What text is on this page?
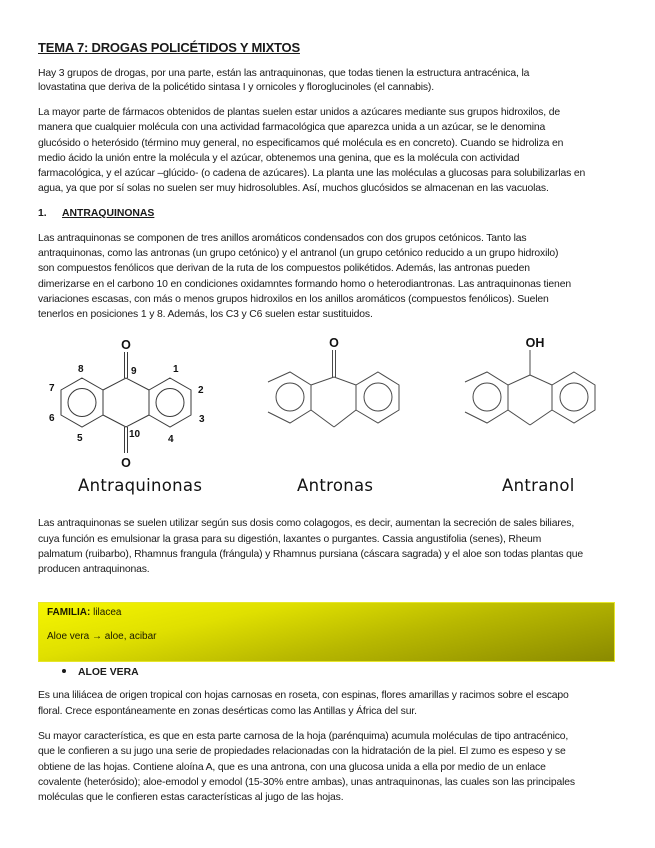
TEMA 7: DROGAS POLICÉTIDOS Y MIXTOS
Hay 3 grupos de drogas, por una parte, están las antraquinonas, que todas tienen la estructura antracénica, la
lovastatina que deriva de la policétido sintasa I y ornicoles y floroglucinoles (el cannabis).
La mayor parte de fármacos obtenidos de plantas suelen estar unidos a azúcares mediante sus grupos hidroxilos, de
manera que cualquier molécula con una actividad farmacológica que aparezca unida a un azúcar, se le denomina
glucósido o heterósido (término muy general, no especificamos qué molécula es en concreto). Cuando se hidroliza en
medio ácido la unión entre la molécula y el azúcar, obtenemos una genina, que es la molécula con actividad
farmacológica, y el azúcar –glúcido- (o cadena de azúcares). La planta une las moléculas a glucosas para solubilizarlas en
agua, ya que por sí solas no suelen ser muy hidrosolubles. Así, muchos glucósidos se almacenan en las vacuolas.
1. ANTRAQUINONAS
Las antraquinonas se componen de tres anillos aromáticos condensados con dos grupos cetónicos. Tanto las
antraquinonas, como las antronas (un grupo cetónico) y el antranol (un grupo cetónico reducido a un grupo hidroxilo)
son compuestos fenólicos que derivan de la ruta de los compuestos polikétidos. Además, las antronas pueden
dimerizarse en el carbono 10 en condiciones oxidamntes formando homo o heterodiantronas. Las antraquinonas tienen
variaciones escasas, con más o menos grupos hidroxilos en los anillos aromáticos (compuestos fenólicos). Suelen
tenerlos en posiciones 1 y 8. Además, los C3 y C6 suelen estar sustituidos.
O
O
9	1
2
3
4
10
5
6
7
8
O	OH
Antraquinonas	Antronas	Antranol
Las antraquinonas se suelen utilizar según sus dosis como colagogos, es decir, aumentan la secreción de sales biliares,
cuya función es emulsionar la grasa para su digestión, laxantes o purgantes. Cassia angustifolia (senes), Rheum
palmatum (ruibarbo), Rhamnus frangula (frángula) y Rhamnus pursiana (cáscara sagrada) y el aloe son todas plantas que
producen antraquinonas.
FAMILIA: lilacea
Aloe vera → aloe, acibar
ALOE VERA
Es una liliácea de origen tropical con hojas carnosas en roseta, con espinas, flores amarillas y racimos sobre el escapo
floral. Crece espontáneamente en zonas desérticas como las Antillas y África del sur.
Su mayor característica, es que en esta parte carnosa de la hoja (parénquima) acumula moléculas de tipo antracénico,
que le confieren a su jugo una serie de propiedades relacionadas con la hidratación de la piel. El zumo es espeso y se
obtiene de las hojas. Contiene aloína A, que es una antrona, con una glucosa unida a ella por medio de un enlace
covalente (heterósido); aloe-emodol y emodol (15-30% entre ambas), unas antraquinonas, las cuales son las principales
moléculas que le confieren estas características al jugo de las hojas.
